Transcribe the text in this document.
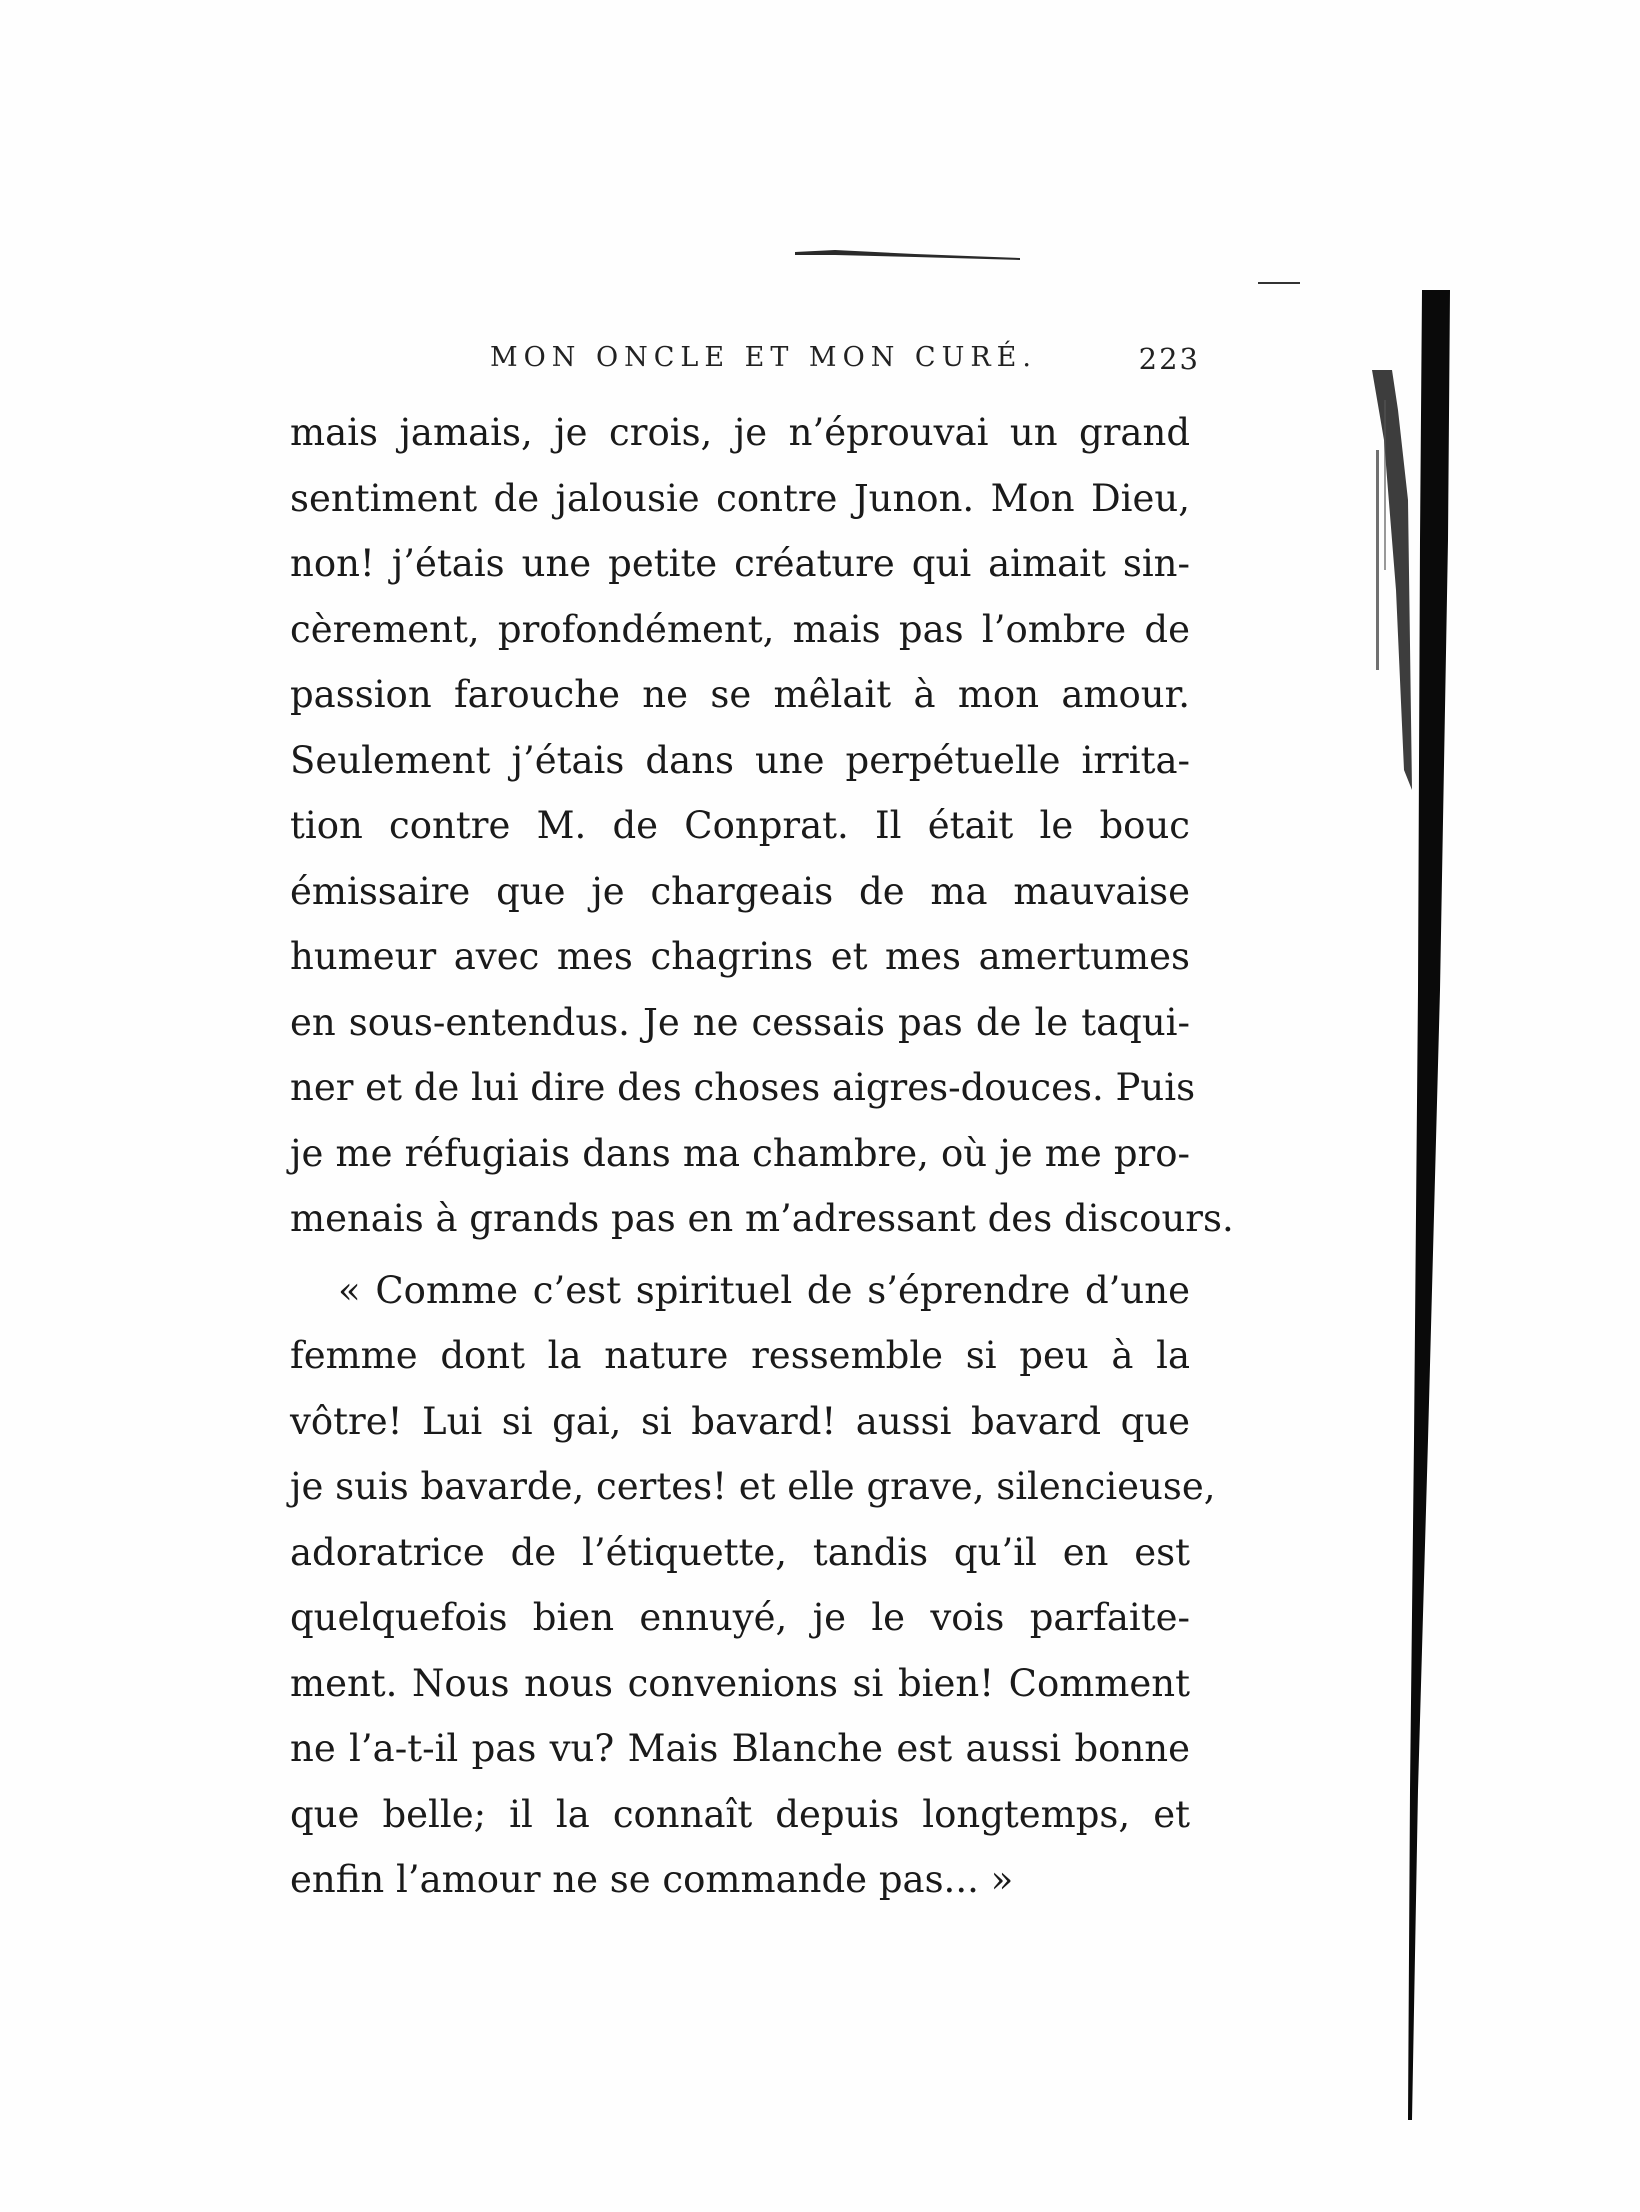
MON ONCLE ET MON CURÉ.	223
mais jamais, je crois, je n’éprouvai un grand
sentiment de jalousie contre Junon. Mon Dieu,
non! j’étais une petite créature qui aimait sin-
cèrement, profondément, mais pas l’ombre de
passion farouche ne se mêlait à mon amour.
Seulement j’étais dans une perpétuelle irrita-
tion contre M. de Conprat. Il était le bouc
émissaire que je chargeais de ma mauvaise
humeur avec mes chagrins et mes amertumes
en sous-entendus. Je ne cessais pas de le taqui-
ner et de lui dire des choses aigres-douces. Puis
je me réfugiais dans ma chambre, où je me pro-
menais à grands pas en m’adressant des discours.
« Comme c’est spirituel de s’éprendre d’une
femme dont la nature ressemble si peu à la
vôtre! Lui si gai, si bavard! aussi bavard que
je suis bavarde, certes! et elle grave, silencieuse,
adoratrice de l’étiquette, tandis qu’il en est
quelquefois bien ennuyé, je le vois parfaite-
ment. Nous nous convenions si bien! Comment
ne l’a-t-il pas vu? Mais Blanche est aussi bonne
que belle; il la connaît depuis longtemps, et
enfin l’amour ne se commande pas... »
